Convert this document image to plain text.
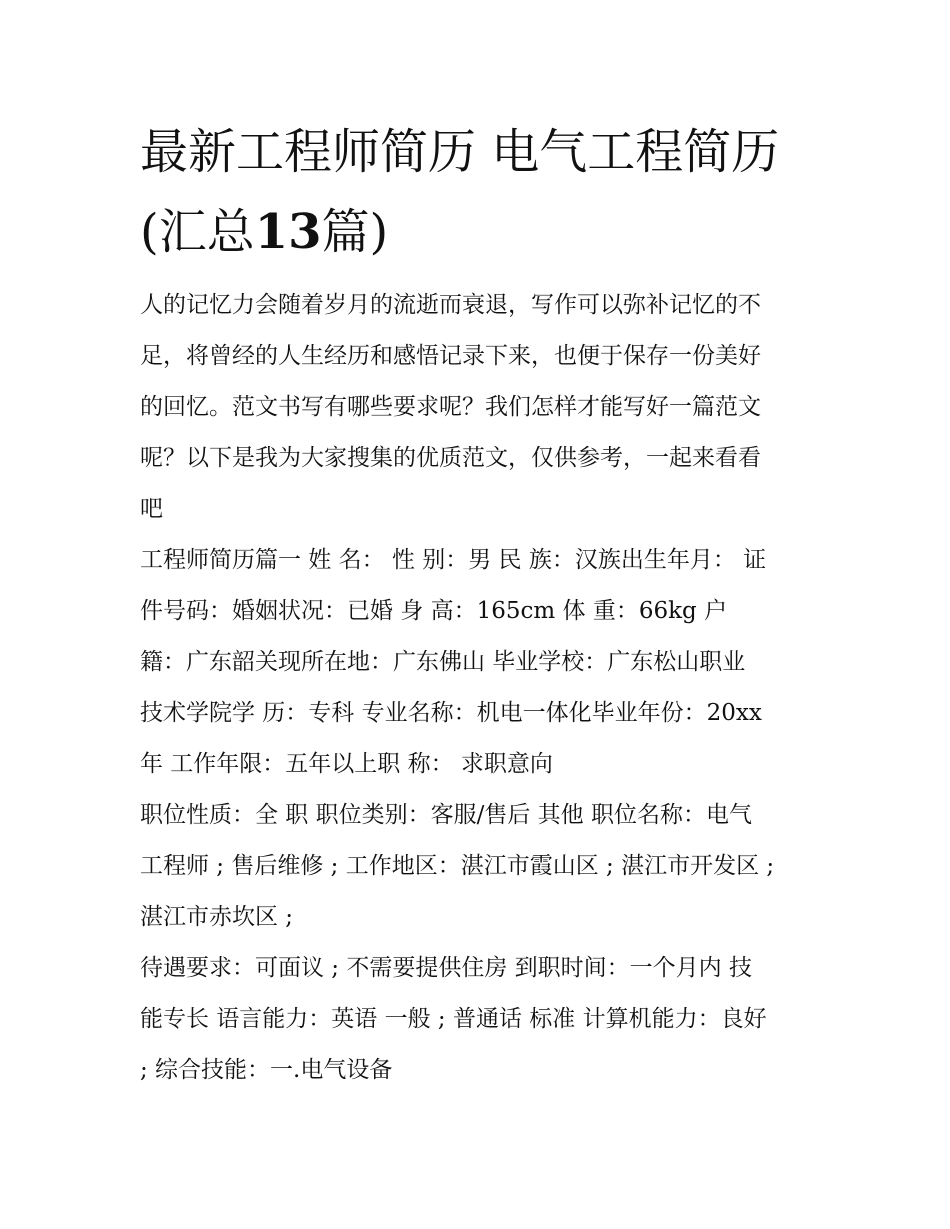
最新工程师简历 电气工程简历
(汇总13篇)

人的记忆力会随着岁月的流逝而衰退，写作可以弥补记忆的不
足，将曾经的人生经历和感悟记录下来，也便于保存一份美好
的回忆。范文书写有哪些要求呢？我们怎样才能写好一篇范文
呢？以下是我为大家搜集的优质范文，仅供参考，一起来看看
吧

工程师简历篇一 姓 名： 性 别：男 民 族：汉族出生年月： 证
件号码：婚姻状况：已婚 身 高：165cm 体 重：66kg 户
籍：广东韶关现所在地：广东佛山 毕业学校：广东松山职业
技术学院学 历：专科 专业名称：机电一体化毕业年份：20xx
年 工作年限：五年以上职 称： 求职意向

职位性质：全 职 职位类别：客服/售后 其他 职位名称：电气
工程师 ; 售后维修 ; 工作地区：湛江市霞山区 ; 湛江市开发区 ;
湛江市赤坎区 ;

待遇要求：可面议 ; 不需要提供住房 到职时间：一个月内 技
能专长 语言能力：英语 一般 ; 普通话 标准 计算机能力：良好
; 综合技能：一.电气设备
